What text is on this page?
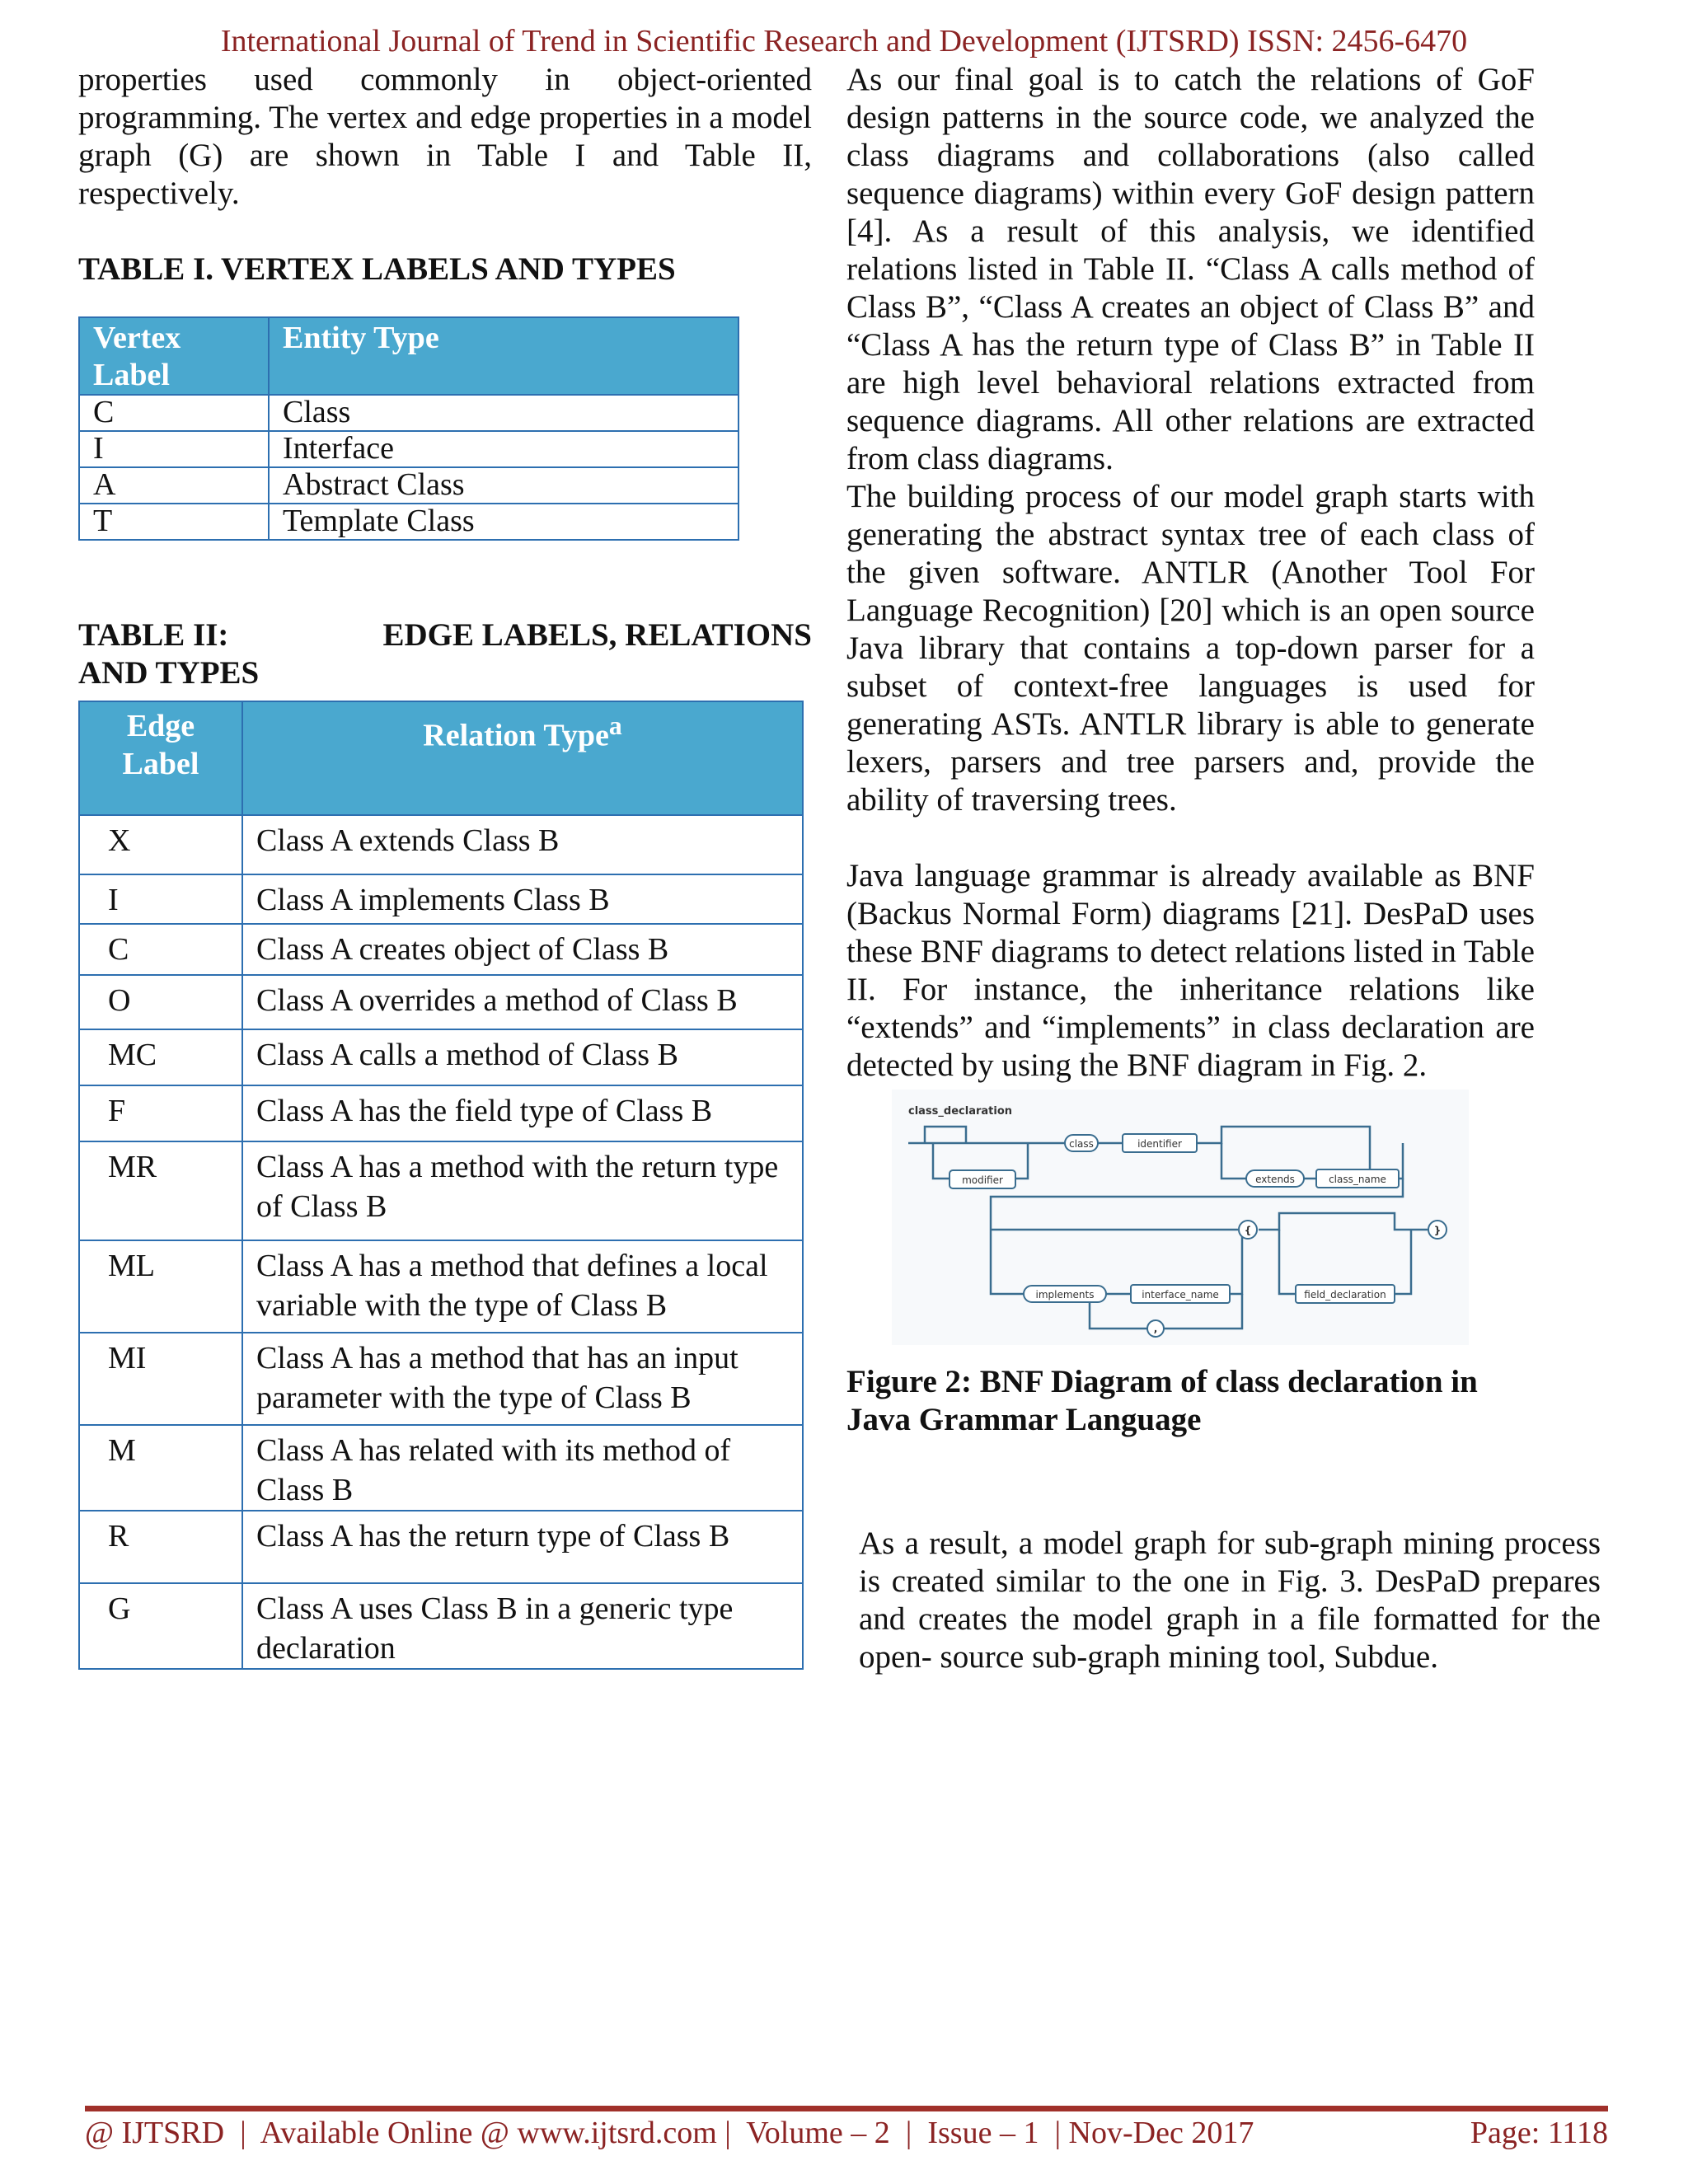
International Journal of Trend in Scientific Research and Development (IJTSRD) ISSN: 2456-6470

properties used commonly in object-oriented programming. The vertex and edge properties in a model graph (G) are shown in Table I and Table II, respectively.

TABLE I. VERTEX LABELS AND TYPES
Vertex Label	Entity Type
C	Class
I	Interface
A	Abstract Class
T	Template Class
TABLE II:	EDGE LABELS, RELATIONS
AND TYPES
Edge Label	Relation Type$^a$
X	Class A extends Class B
I	Class A implements Class B
C	Class A creates object of Class B
O	Class A overrides a method of Class B
MC	Class A calls a method of Class B
F	Class A has the field type of Class B
MR	Class A has a method with the return type of Class B
ML	Class A has a method that defines a local variable with the type of Class B
MI	Class A has a method that has an input parameter with the type of Class B
M	Class A has related with its method of Class B
R	Class A has the return type of Class B
G	Class A uses Class B in a generic type declaration

As our final goal is to catch the relations of GoF design patterns in the source code, we analyzed the class diagrams and collaborations (also called sequence diagrams) within every GoF design pattern [4]. As a result of this analysis, we identified relations listed in Table II. “Class A calls method of Class B”, “Class A creates an object of Class B” and “Class A has the return type of Class B” in Table II are high level behavioral relations extracted from sequence diagrams. All other relations are extracted from class diagrams.

The building process of our model graph starts with generating the abstract syntax tree of each class of the given software. ANTLR (Another Tool For Language Recognition) [20] which is an open source Java library that contains a top-down parser for a subset of context-free languages is used for generating ASTs. ANTLR library is able to generate lexers, parsers and tree parsers and, provide the ability of traversing trees.

Java language grammar is already available as BNF (Backus Normal Form) diagrams [21]. DesPaD uses these BNF diagrams to detect relations listed in Table II. For instance, the inheritance relations like “extends” and “implements” in class declaration are detected by using the BNF diagram in Fig. 2.

class_declaration
modifier
class	identifier
extends	class_name
implements	interface_name	field_declaration
{	}
,
Figure 2: BNF Diagram of class declaration in Java Grammar Language

As a result, a model graph for sub-graph mining process is created similar to the one in Fig. 3. DesPaD prepares and creates the model graph in a file formatted for the open- source sub-graph mining tool, Subdue.

@ IJTSRD  |  Available Online @ www.ijtsrd.com |  Volume – 2  |  Issue – 1  | Nov-Dec 2017	Page: 1118
